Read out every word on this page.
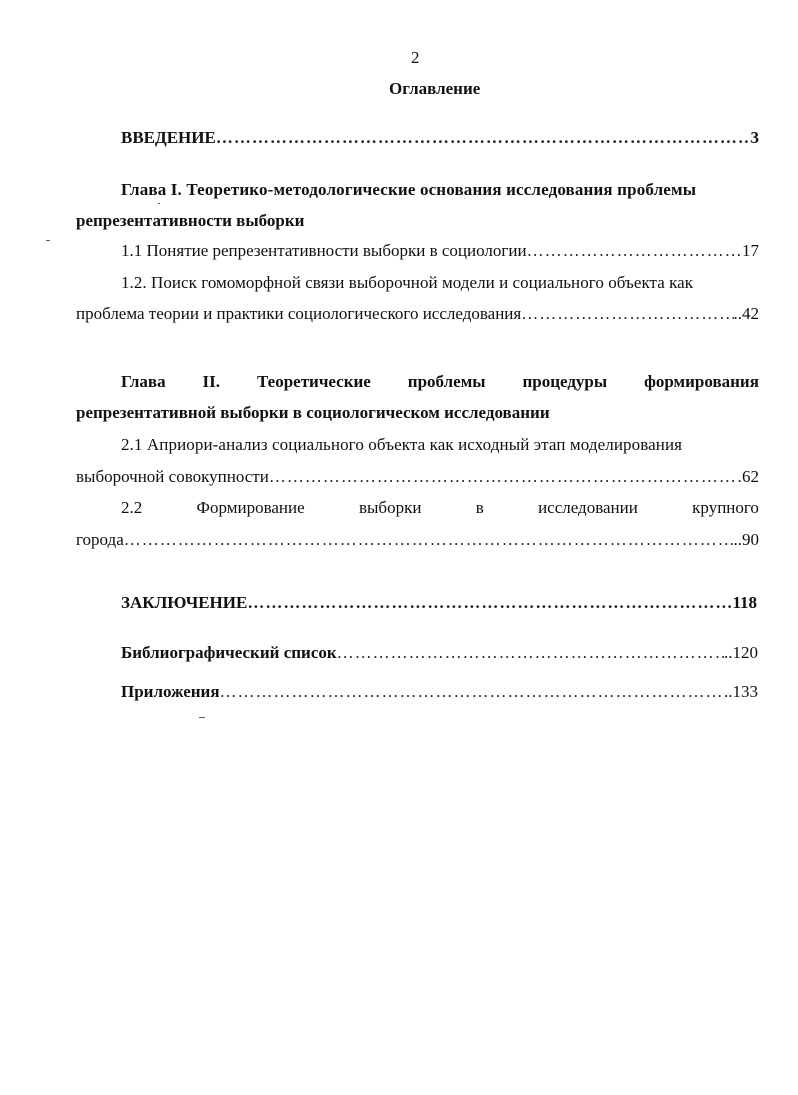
2
Оглавление
ВВЕДЕНИЕ ………………………………………………………………………………………………………………………………………………………	3
Глава I. Теоретико-методологические основания исследования проблемы
репрезентативности выборки
1.1 Понятие репрезентативности выборки в социологии ………………………………………………………………………………………………………………………………………………………	17
1.2. Поиск гомоморфной связи выборочной модели и социального объекта как
проблема теории и практики социологического исследования ………………………………………………………………………………………………………………………………………………………	..42
Глава II. Теоретические проблемы процедуры формирования
репрезентативной выборки в социологическом исследовании
2.1 Априори-анализ социального объекта как исходный этап моделирования
выборочной совокупности ………………………………………………………………………………………………………………………………………………………	62
2.2	Формирование	выборки	в	исследовании	крупного
города ………………………………………………………………………………………………………………………………………………………	..90
ЗАКЛЮЧЕНИЕ ………………………………………………………………………………………………………………………………………………………	118
Библиографический список ………………………………………………………………………………………………………………………………………………………	..120
Приложения ………………………………………………………………………………………………………………………………………………………	..133
